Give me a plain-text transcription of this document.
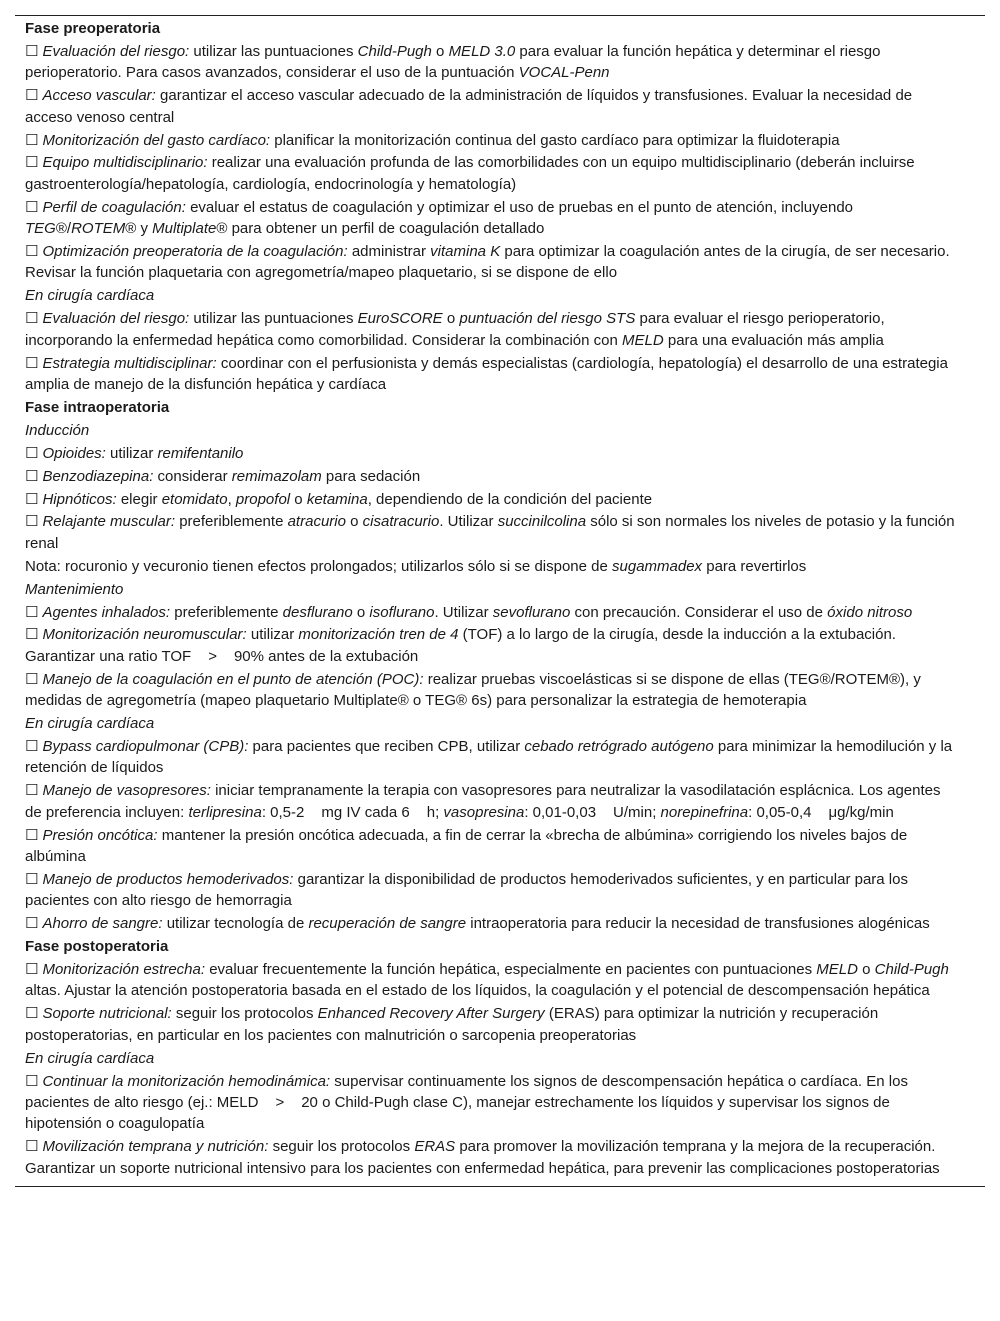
Fase preoperatoria
☐ Evaluación del riesgo: utilizar las puntuaciones Child-Pugh o MELD 3.0 para evaluar la función hepática y determinar el riesgo perioperatorio. Para casos avanzados, considerar el uso de la puntuación VOCAL-Penn
☐ Acceso vascular: garantizar el acceso vascular adecuado de la administración de líquidos y transfusiones. Evaluar la necesidad de acceso venoso central
☐ Monitorización del gasto cardíaco: planificar la monitorización continua del gasto cardíaco para optimizar la fluidoterapia
☐ Equipo multidisciplinario: realizar una evaluación profunda de las comorbilidades con un equipo multidisciplinario (deberán incluirse gastroenterología/hepatología, cardiología, endocrinología y hematología)
☐ Perfil de coagulación: evaluar el estatus de coagulación y optimizar el uso de pruebas en el punto de atención, incluyendo TEG®/ROTEM® y Multiplate® para obtener un perfil de coagulación detallado
☐ Optimización preoperatoria de la coagulación: administrar vitamina K para optimizar la coagulación antes de la cirugía, de ser necesario. Revisar la función plaquetaria con agregometría/mapeo plaquetario, si se dispone de ello
En cirugía cardíaca
☐ Evaluación del riesgo: utilizar las puntuaciones EuroSCORE o puntuación del riesgo STS para evaluar el riesgo perioperatorio, incorporando la enfermedad hepática como comorbilidad. Considerar la combinación con MELD para una evaluación más amplia
☐ Estrategia multidisciplinar: coordinar con el perfusionista y demás especialistas (cardiología, hepatología) el desarrollo de una estrategia amplia de manejo de la disfunción hepática y cardíaca
Fase intraoperatoria
Inducción
☐ Opioides: utilizar remifentanilo
☐ Benzodiazepina: considerar remimazolam para sedación
☐ Hipnóticos: elegir etomidato, propofol o ketamina, dependiendo de la condición del paciente
☐ Relajante muscular: preferiblemente atracurio o cisatracurio. Utilizar succinilcolina sólo si son normales los niveles de potasio y la función renal
Nota: rocuronio y vecuronio tienen efectos prolongados; utilizarlos sólo si se dispone de sugammadex para revertirlos
Mantenimiento
☐ Agentes inhalados: preferiblemente desflurano o isoflurano. Utilizar sevoflurano con precaución. Considerar el uso de óxido nitroso
☐ Monitorización neuromuscular: utilizar monitorización tren de 4 (TOF) a lo largo de la cirugía, desde la inducción a la extubación. Garantizar una ratio TOF > 90% antes de la extubación
☐ Manejo de la coagulación en el punto de atención (POC): realizar pruebas viscoelásticas si se dispone de ellas (TEG®/ROTEM®), y medidas de agregometría (mapeo plaquetario Multiplate® o TEG® 6s) para personalizar la estrategia de hemoterapia
En cirugía cardíaca
☐ Bypass cardiopulmonar (CPB): para pacientes que reciben CPB, utilizar cebado retrógrado autógeno para minimizar la hemodilución y la retención de líquidos
☐ Manejo de vasopresores: iniciar tempranamente la terapia con vasopresores para neutralizar la vasodilatación esplácnica. Los agentes de preferencia incluyen: terlipresina: 0,5-2 mg IV cada 6 h; vasopresina: 0,01-0,03 U/min; norepinefrina: 0,05-0,4 μg/kg/min
☐ Presión oncótica: mantener la presión oncótica adecuada, a fin de cerrar la «brecha de albúmina» corrigiendo los niveles bajos de albúmina
☐ Manejo de productos hemoderivados: garantizar la disponibilidad de productos hemoderivados suficientes, y en particular para los pacientes con alto riesgo de hemorragia
☐ Ahorro de sangre: utilizar tecnología de recuperación de sangre intraoperatoria para reducir la necesidad de transfusiones alogénicas
Fase postoperatoria
☐ Monitorización estrecha: evaluar frecuentemente la función hepática, especialmente en pacientes con puntuaciones MELD o Child-Pugh altas. Ajustar la atención postoperatoria basada en el estado de los líquidos, la coagulación y el potencial de descompensación hepática
☐ Soporte nutricional: seguir los protocolos Enhanced Recovery After Surgery (ERAS) para optimizar la nutrición y recuperación postoperatorias, en particular en los pacientes con malnutrición o sarcopenia preoperatorias
En cirugía cardíaca
☐ Continuar la monitorización hemodinámica: supervisar continuamente los signos de descompensación hepática o cardíaca. En los pacientes de alto riesgo (ej.: MELD > 20 o Child-Pugh clase C), manejar estrechamente los líquidos y supervisar los signos de hipotensión o coagulopatía
☐ Movilización temprana y nutrición: seguir los protocolos ERAS para promover la movilización temprana y la mejora de la recuperación. Garantizar un soporte nutricional intensivo para los pacientes con enfermedad hepática, para prevenir las complicaciones postoperatorias
